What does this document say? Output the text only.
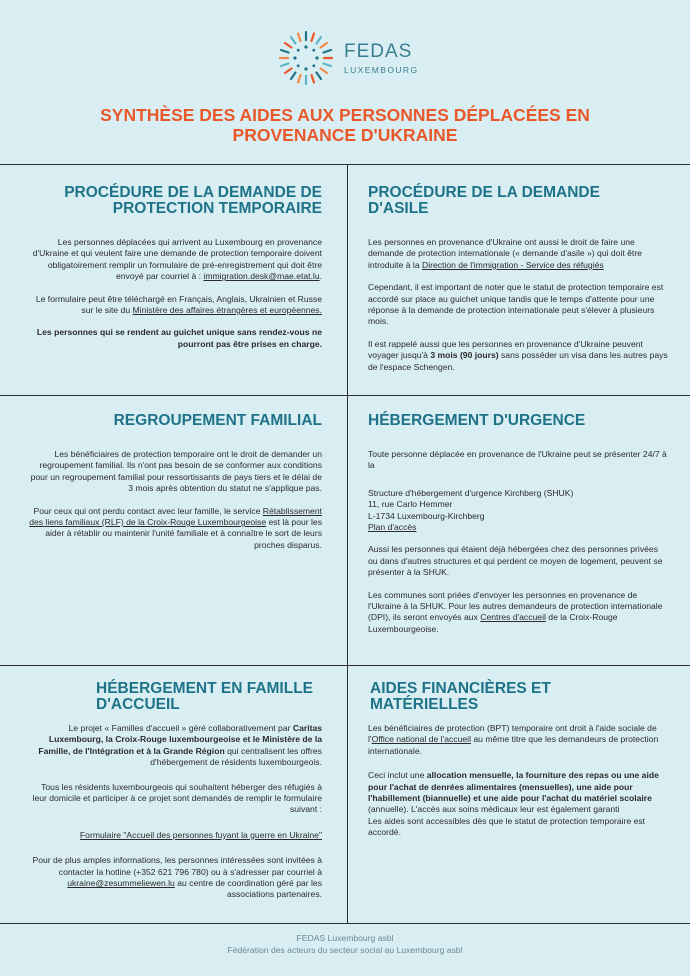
FEDAS
LUXEMBOURG
SYNTHÈSE DES AIDES AUX PERSONNES DÉPLACÉES EN
PROVENANCE D'UKRAINE
PROCÉDURE DE LA DEMANDE DE
PROTECTION TEMPORAIRE

Les personnes déplacées qui arrivent au Luxembourg en provenance d'Ukraine et qui veulent faire une demande de protection temporaire doivent obligatoirement remplir un formulaire de pré-enregistrement qui doit être envoyé par courriel à : immigration.desk@mae.etat.lu.

Le formulaire peut être téléchargé en Français, Anglais, Ukrainien et Russe sur le site du Ministère des affaires étrangères et européennes.

Les personnes qui se rendent au guichet unique sans rendez-vous ne pourront pas être prises en charge.

PROCÉDURE DE LA DEMANDE
D'ASILE

Les personnes en provenance d'Ukraine ont aussi le droit de faire une demande de protection internationale (« demande d'asile ») qui doit être introduite à la Direction de l'immigration - Service des réfugiés

Cependant, il est important de noter que le statut de protection temporaire est accordé sur place au guichet unique tandis que le temps d'attente pour une réponse à la demande de protection internationale peut s'élever à plusieurs mois.

Il est rappelé aussi que les personnes en provenance d'Ukraine peuvent voyager jusqu'à 3 mois (90 jours) sans posséder un visa dans les autres pays de l'espace Schengen.

REGROUPEMENT FAMILIAL

Les bénéficiaires de protection temporaire ont le droit de demander un regroupement familial. Ils n'ont pas besoin de se conformer aux conditions pour un regroupement familial pour ressortissants de pays tiers et le délai de 3 mois après obtention du statut ne s'applique pas.

Pour ceux qui ont perdu contact avec leur famille, le service Rétablissement des liens familiaux (RLF) de la Croix-Rouge Luxembourgeoise est là pour les aider à rétablir ou maintenir l'unité familiale et à connaître le sort de leurs proches disparus.

HÉBERGEMENT D'URGENCE

Toute personne déplacée en provenance de l'Ukraine peut se présenter 24/7 à la

Structure d'hébergement d'urgence Kirchberg (SHUK)
11, rue Carlo Hemmer
L-1734 Luxembourg-Kirchberg
Plan d'accès

Aussi les personnes qui étaient déjà hébergées chez des personnes privées ou dans d'autres structures et qui perdent ce moyen de logement, peuvent se présenter à la SHUK.

Les communes sont priées d'envoyer les personnes en provenance de l'Ukraine à la SHUK. Pour les autres demandeurs de protection internationale (DPI), ils seront envoyés aux Centres d'accueil de la Croix-Rouge Luxembourgeoise.

HÉBERGEMENT EN FAMILLE
D'ACCUEIL

Le projet « Familles d'accueil » géré collaborativement par Caritas Luxembourg, la Croix-Rouge luxembourgeoise et le Ministère de la Famille, de l'Intégration et à la Grande Région qui centralisent les offres d'hébergement de résidents luxembourgeois.

Tous les résidents luxembourgeois qui souhaitent héberger des réfugiés à leur domicile et participer à ce projet sont demandés de remplir le formulaire suivant :

Formulaire "Accueil des personnes fuyant la guerre en Ukraine"

Pour de plus amples informations, les personnes intéressées sont invitées à contacter la hotline (+352 621 796 780) ou à s'adresser par courriel à ukraine@zesummeliewen.lu au centre de coordination géré par les associations partenaires.

AIDES FINANCIÈRES ET
MATÉRIELLES

Les bénéficiaires de protection (BPT) temporaire ont droit à l'aide sociale de l'Office national de l'accueil au même titre que les demandeurs de protection internationale.

Ceci inclut une allocation mensuelle, la fourniture des repas ou une aide pour l'achat de denrées alimentaires (mensuelles), une aide pour l'habillement (biannuelle) et une aide pour l'achat du matériel scolaire (annuelle). L'accès aux soins médicaux leur est également garanti
Les aides sont accessibles dès que le statut de protection temporaire est accordé.

FEDAS Luxembourg asbl
Fédération des acteurs du secteur social au Luxembourg asbl
